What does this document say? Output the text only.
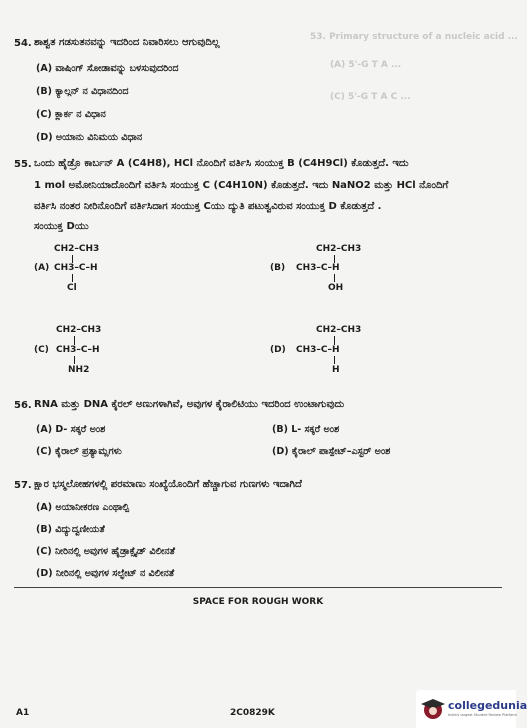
53. Primary structure of a nucleic acid ...
(A) 5'-G T A ...
(C) 5'-G T A C ...
54. ಶಾಶ್ವತ ಗಡಸುತನವನ್ನು ಇದರಿಂದ ನಿವಾರಿಸಲು ಆಗುವುದಿಲ್ಲ
(A) ವಾಷಿಂಗ್ ಸೋಡಾವನ್ನು ಬಳಸುವುದರಿಂದ
(B) ಕ್ಯಾಲ್ಗನ್ ನ ವಿಧಾನದಿಂದ
(C) ಕ್ಲಾರ್ಕ ನ ವಿಧಾನ
(D) ಅಯಾನು ವಿನಿಮಯ ವಿಧಾನ
55. ಒಂದು ಹೈಡ್ರೊ ಕಾರ್ಬನ್ A (C4H8), HCl ನೊಂದಿಗೆ ವರ್ತಿಸಿ ಸಂಯುಕ್ತ B (C4H9Cl) ಕೊಡುತ್ತದೆ. ಇದು
1 mol ಅಮೋನಿಯಾದೊಂದಿಗೆ ವರ್ತಿಸಿ ಸಂಯುಕ್ತ C (C4H10N) ಕೊಡುತ್ತದೆ. ಇದು NaNO2 ಮತ್ತು HCl ನೊಂದಿಗೆ
ವರ್ತಿಸಿ ನಂತರ ನೀರಿನೊಂದಿಗೆ ವರ್ತಿಸಿದಾಗ ಸಂಯುಕ್ತ Cಯು ದ್ಯುತಿ ಪಟುತ್ವವಿರುವ ಸಂಯುಕ್ತ D ಕೊಡುತ್ತದೆ .
ಸಂಯುಕ್ತ Dಯು
(A)
CH2–CH3
CH3–C–H
Cl
(B)
CH2–CH3
CH3–C–H
OH
(C)
CH2–CH3
CH3–C–H
NH2
(D)
CH2–CH3
CH3–C–H
H
56. RNA ಮತ್ತು DNA ಕೈರಲ್ ಅಣುಗಳಾಗಿವೆ, ಅವುಗಳ ಕೈರಾಲಿಟಿಯು ಇದರಿಂದ ಉಂಟಾಗುವುದು
(A) D- ಸಕ್ಕರೆ ಅಂಶ	(B) L- ಸಕ್ಕರೆ ಅಂಶ
(C) ಕೈರಾಲ್ ಪ್ರತ್ಯಾಮ್ಲಗಳು	(D) ಕೈರಾಲ್ ಪಾಸ್ಪೇಟ್–ಎಸ್ಟರ್ ಅಂಶ
57. ಕ್ಷಾರ ಭಸ್ಮಲೋಹಗಳಲ್ಲಿ ಪರಮಾಣು ಸಂಖ್ಯೆಯೊಂದಿಗೆ ಹೆಚ್ಚಾಗುವ ಗುಣಗಳು ಇದಾಗಿದೆ
(A) ಅಯಾನೀಕರಣ ಎಂಥಾಲ್ಪಿ
(B) ವಿದ್ಯುದ್ವಣೀಯತೆ
(C) ನೀರಿನಲ್ಲಿ ಅವುಗಳ ಹೈಡ್ರಾಕ್ಸೈಡ್ ವಿಲೀನತೆ
(D) ನೀರಿನಲ್ಲಿ ಅವುಗಳ ಸಲ್ಫೇಟ್ ನ ವಿಲೀನತೆ
SPACE FOR ROUGH WORK
A1	2C0829K
collegedunia
India's largest Student Review Platform
